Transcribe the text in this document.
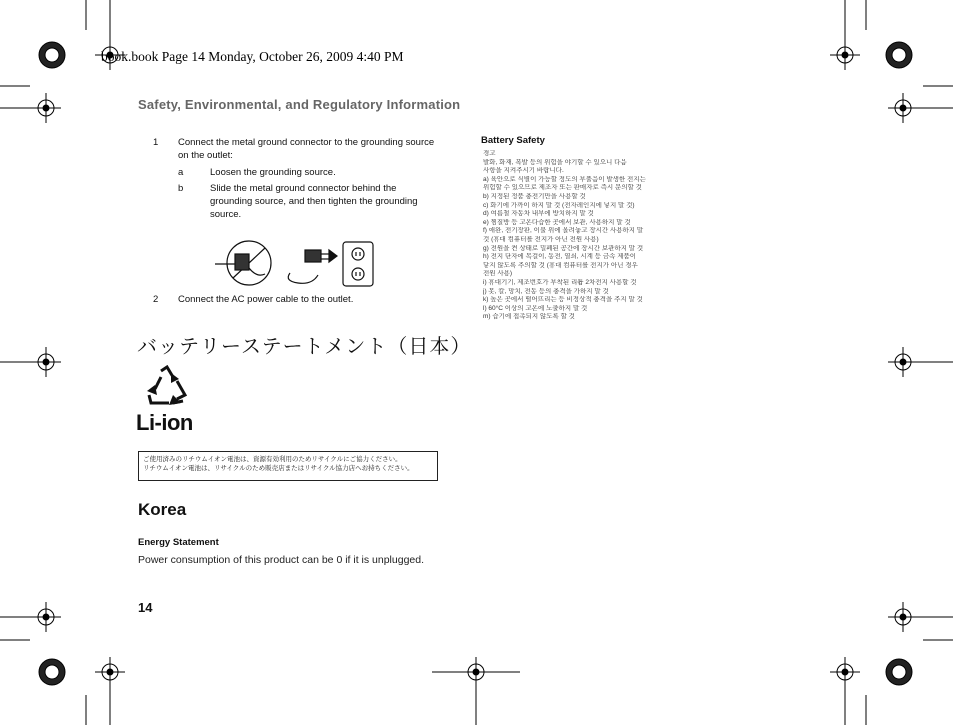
book.book Page 14 Monday, October 26, 2009 4:40 PM
Safety, Environmental, and Regulatory Information
1 Connect the metal ground connector to the grounding source
on the outlet:
a	Loosen the grounding source.
b	Slide the metal ground connector behind the
grounding source, and then tighten the grounding
source.
2 Connect the AC power cable to the outlet.
バッテリーステートメント（日本）
Li-ion
ご使用済みのリチウムイオン電池は、資源有効利用のためリサイクルにご協力ください。
リチウムイオン電池は、リサイクルのため販売店またはリサイクル協力店へお持ちください。
Korea
Energy Statement
Power consumption of this product can be 0 if it is unplugged.
14
Battery Safety
경고
발화, 화재, 폭발 등의 위험을 야기할 수 있으니 다음
사항을 지켜주시기 바랍니다.
a) 육안으로 식별이 가능할 정도의 부풀음이 발생한 전지는
위험할 수 있으므로 제조자 또는 판매자로 즉시 문의할 것
b) 지정된 정품 충전기만을 사용할 것
c) 화기에 가까이 하지 말 것 (전자레인지에 넣지 말 것)
d) 여름철 자동차 내부에 방치하지 말 것
e) 찜질방 등 고온다습한 곳에서 보관, 사용하지 말 것
f) 애완, 전기장판, 이불 위에 올려놓고 장시간 사용하지 말
것 (휴대 컴퓨터를 전지가 아닌 전원 사용)
g) 전원을 켠 상태로 밀폐된 공간에 장시간 보관하지 말 것
h) 전지 단자에 목걸이, 동전, 열쇠, 시계 등 금속 제품이
닿지 않도록 주의할 것 (휴대 컴퓨터를 전지가 아닌 경우
전원 사용)
i) 휴대기기, 제조번호가 부착된 리튬 2차전지 사용할 것
j) 못, 칼, 망치, 전동 등의 충격을 가하지 말 것
k) 높은 곳에서 떨어뜨리는 등 비정상적 충격을 주지 말 것
l) 60°C 이상의 고온에 노출하지 말 것
m) 습기에 접촉되지 않도록 할 것
